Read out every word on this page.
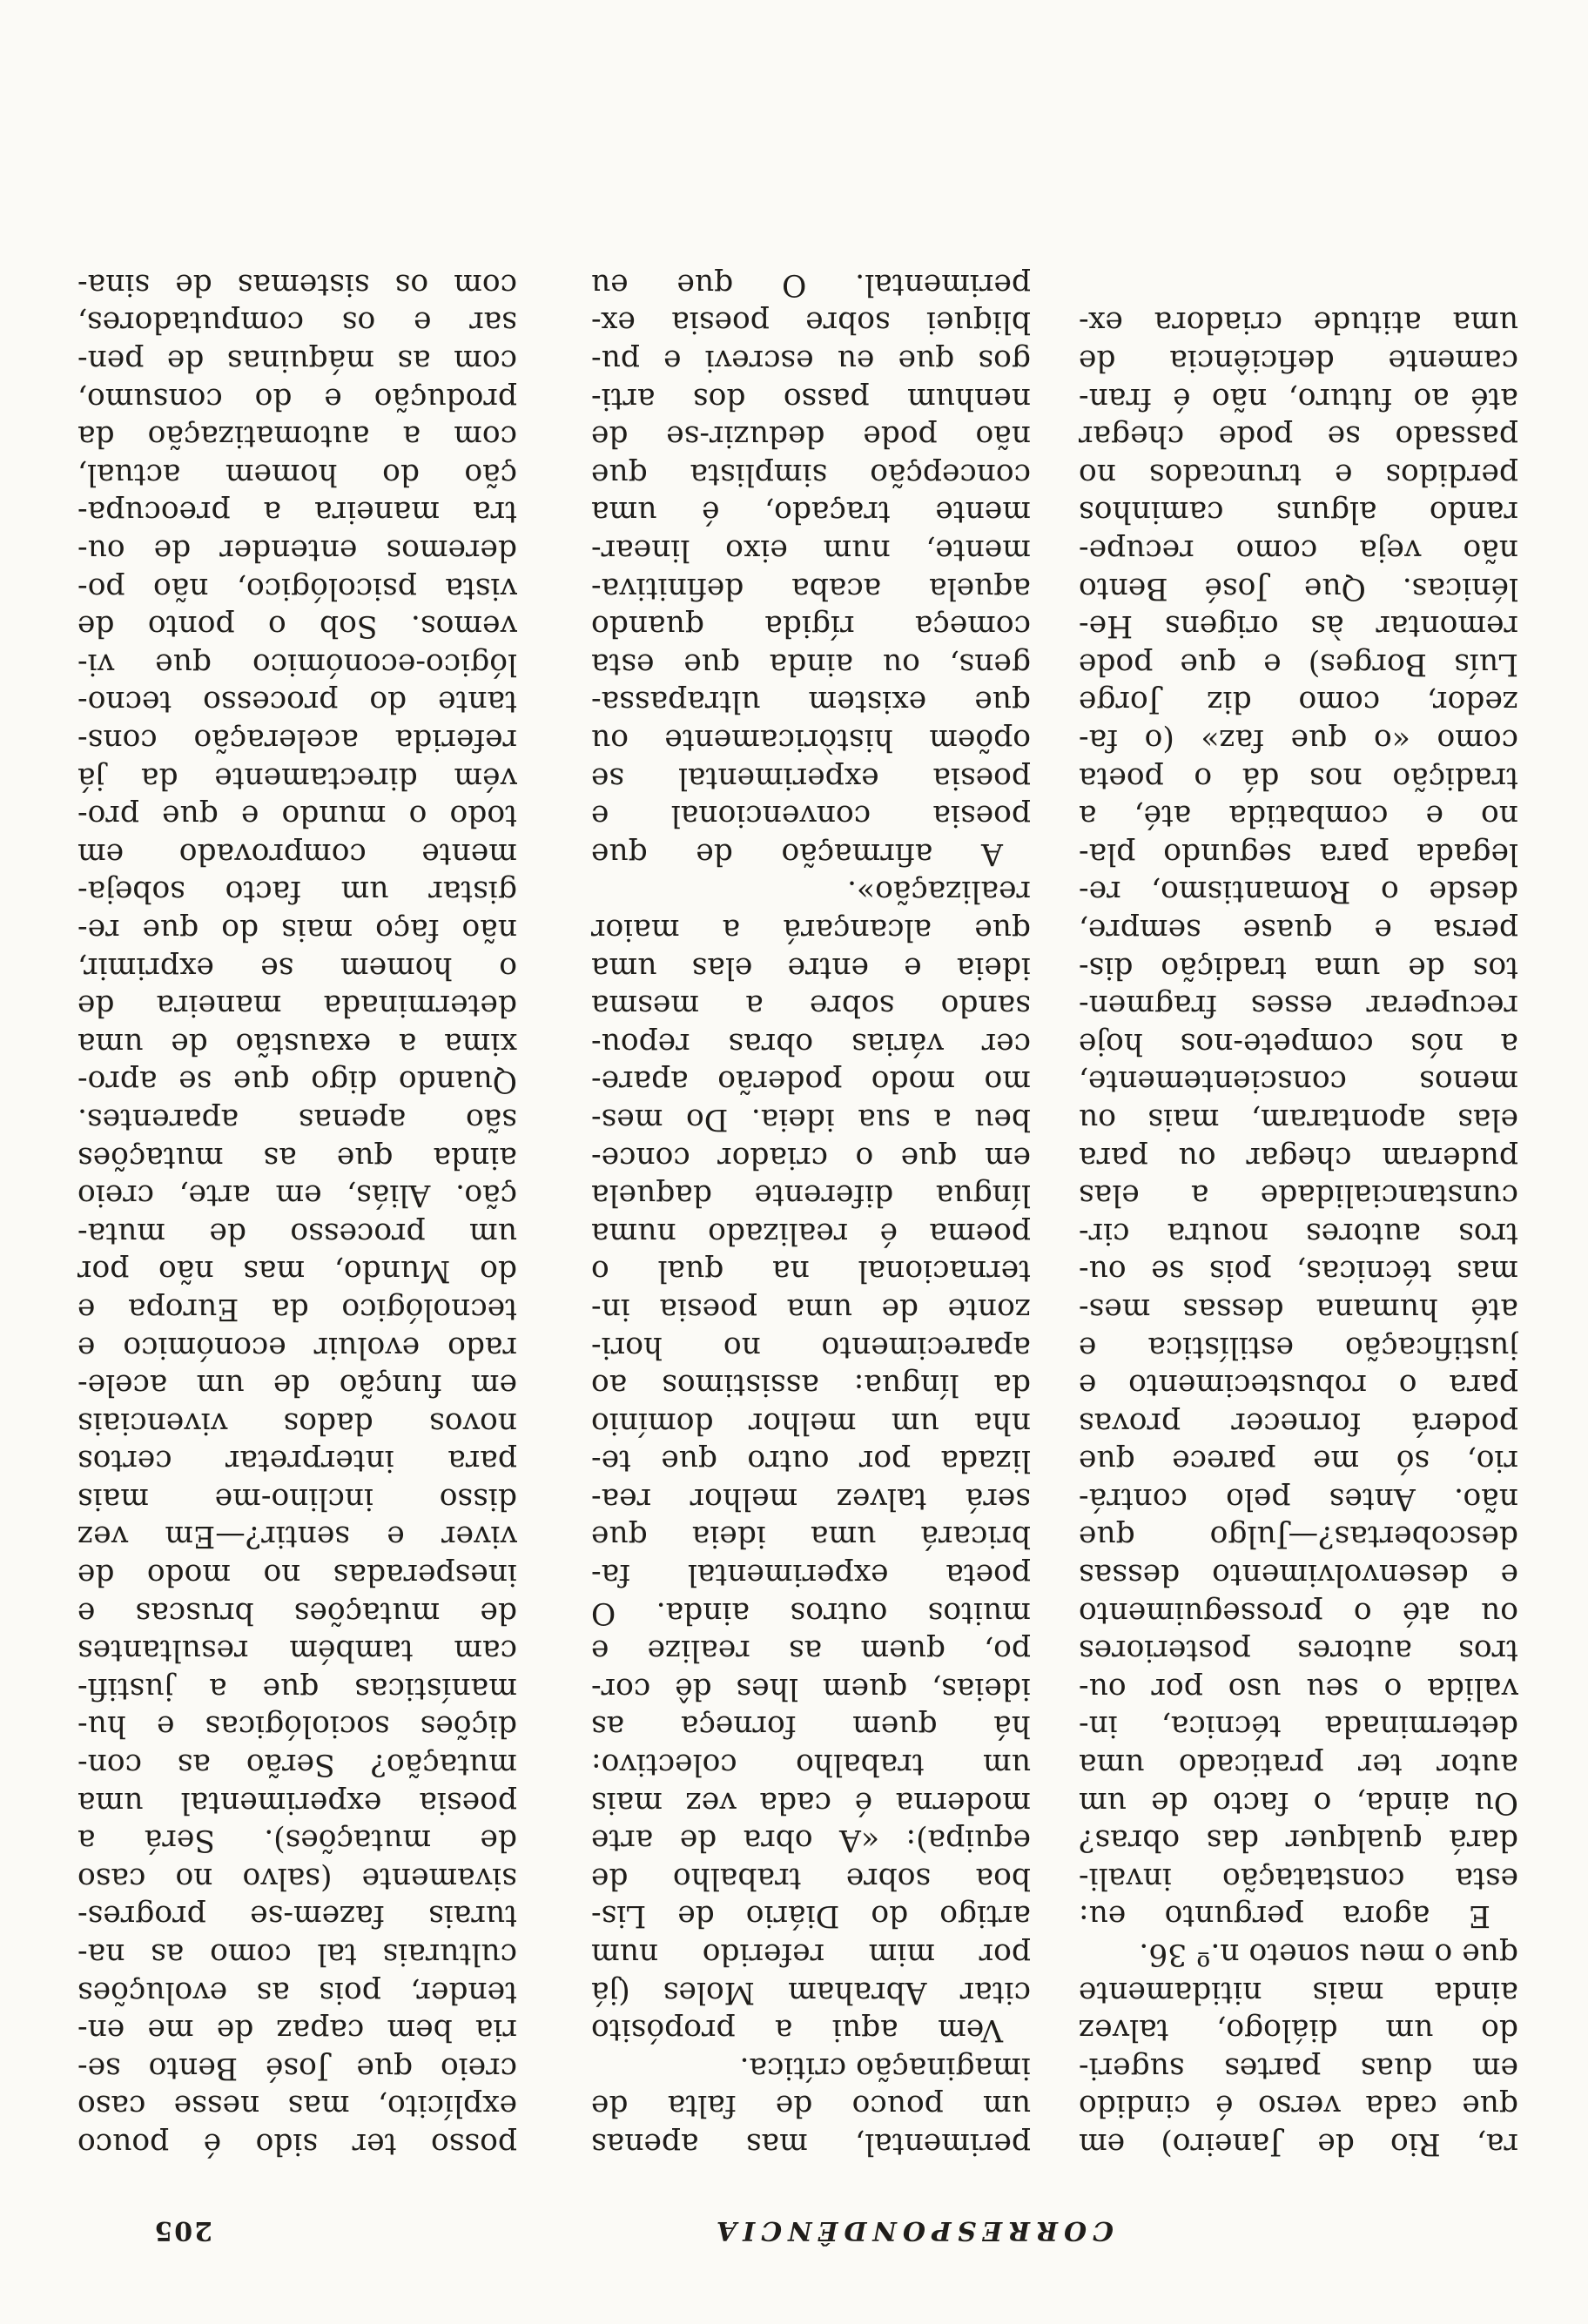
CORRESPONDÊNCIA
205
ra, Rio de Janeiro) em
que cada verso é cindido
em duas partes sugeri-
do um diálogo, talvez
ainda mais nitidamente
que o meu soneto n.º 36.
E agora pergunto eu:
esta constatação invali-
dará qualquer das obras?
Ou ainda, o facto de um
autor ter praticado uma
determinada técnica, in-
valida o seu uso por ou-
tros autores posteriores
ou até o prosseguimento
e desenvolvimento dessas
descobertas?—Julgo que
não. Antes pelo contrá-
rio, só me parece que
poderá fornecer provas
para o robustecimento e
justificação estilística e
até humana dessas mes-
mas técnicas, pois se ou-
tros autores noutra cir-
cunstancialidade a elas
puderam chegar ou para
elas apontaram, mais ou
menos conscientemente,
a nós compete-nos hoje
recuperar esses fragmen-
tos de uma tradição dis-
persa e quase sempre,
desde o Romantismo, re-
legada para segundo pla-
no e combatida até, a
tradição nos dá o poeta
como «o que faz» (o fa-
zedor, como diz Jorge
Luís Borges) e que pode
remontar às origens He-
lénicas. Que José Bento
não veja como recupe-
rando alguns caminhos
perdidos e truncados no
passado se pode chegar
até ao futuro, não é fran-
camente deficiência de
uma atitude criadora ex-
perimental, mas apenas
um pouco de falta de
imaginação crítica.
Vem aqui a propósito
citar Abraham Moles (já
por mim referido num
artigo do Diário de Lis-
boa sobre trabalho de
equipa): «A obra de arte
moderna é cada vez mais
um trabalho colectivo:
há quem forneça as
ideias, quem lhes dê cor-
po, quem as realize e
muitos outros ainda. O
poeta experimental fa-
bricará uma ideia que
será talvez melhor rea-
lizada por outro que te-
nha um melhor domínio
da língua: assistimos ao
aparecimento no hori-
zonte de uma poesia in-
ternacional na qual o
poema é realizado numa
língua diferente daquela
em que o criador conce-
beu a sua ideia. Do mes-
mo modo poderão apare-
cer várias obras repou-
sando sobre a mesma
ideia e entre elas uma
que alcançará a maior
realização».
A afirmação de que
poesia convencional e
poesia experimental se
opõem històricamente ou
que existem ultrapassa-
gens, ou ainda que esta
começa rígida quando
aquela acaba definitiva-
mente, num eixo linear-
mente traçado, é uma
concepção simplista que
não pode deduzir-se de
nenhum passo dos arti-
gos que eu escrevi e pu-
bliquei sobre poesia ex-
perimental. O que eu
posso ter sido é pouco
explícito, mas nesse caso
creio que José Bento se-
ria bem capaz de me en-
tender, pois as evoluções
culturais tal como as na-
turais fazem-se progres-
sivamente (salvo no caso
de mutações). Será a
poesia experimental uma
mutação? Serão as con-
dições sociológicas e hu-
manísticas que a justifi-
cam também resultantes
de mutações bruscas e
inesperadas no modo de
viver e sentir?—Em vez
disso inclino-me mais
para interpretar certos
novos dados vivenciais
em função de um acele-
rado evoluir económico e
tecnológico da Europa e
do Mundo, mas não por
um processo de muta-
ção. Aliás, em arte, creio
ainda que as mutações
são apenas aparentes.
Quando digo que se apro-
xima a exaustão de uma
determinada maneira de
o homem se exprimir,
não faço mais do que re-
gistar um facto sobeja-
mente comprovado em
todo o mundo e que pro-
vém directamente da já
referida aceleração cons-
tante do processo tecno-
lógico-económico que vi-
vemos. Sob o ponto de
vista psicológico, não po-
deremos entender de ou-
tra maneira a preocupa-
ção do homem actual,
com a automatização da
produção e do consumo,
com as máquinas de pen-
sar e os computadores,
com os sistemas de sina-
